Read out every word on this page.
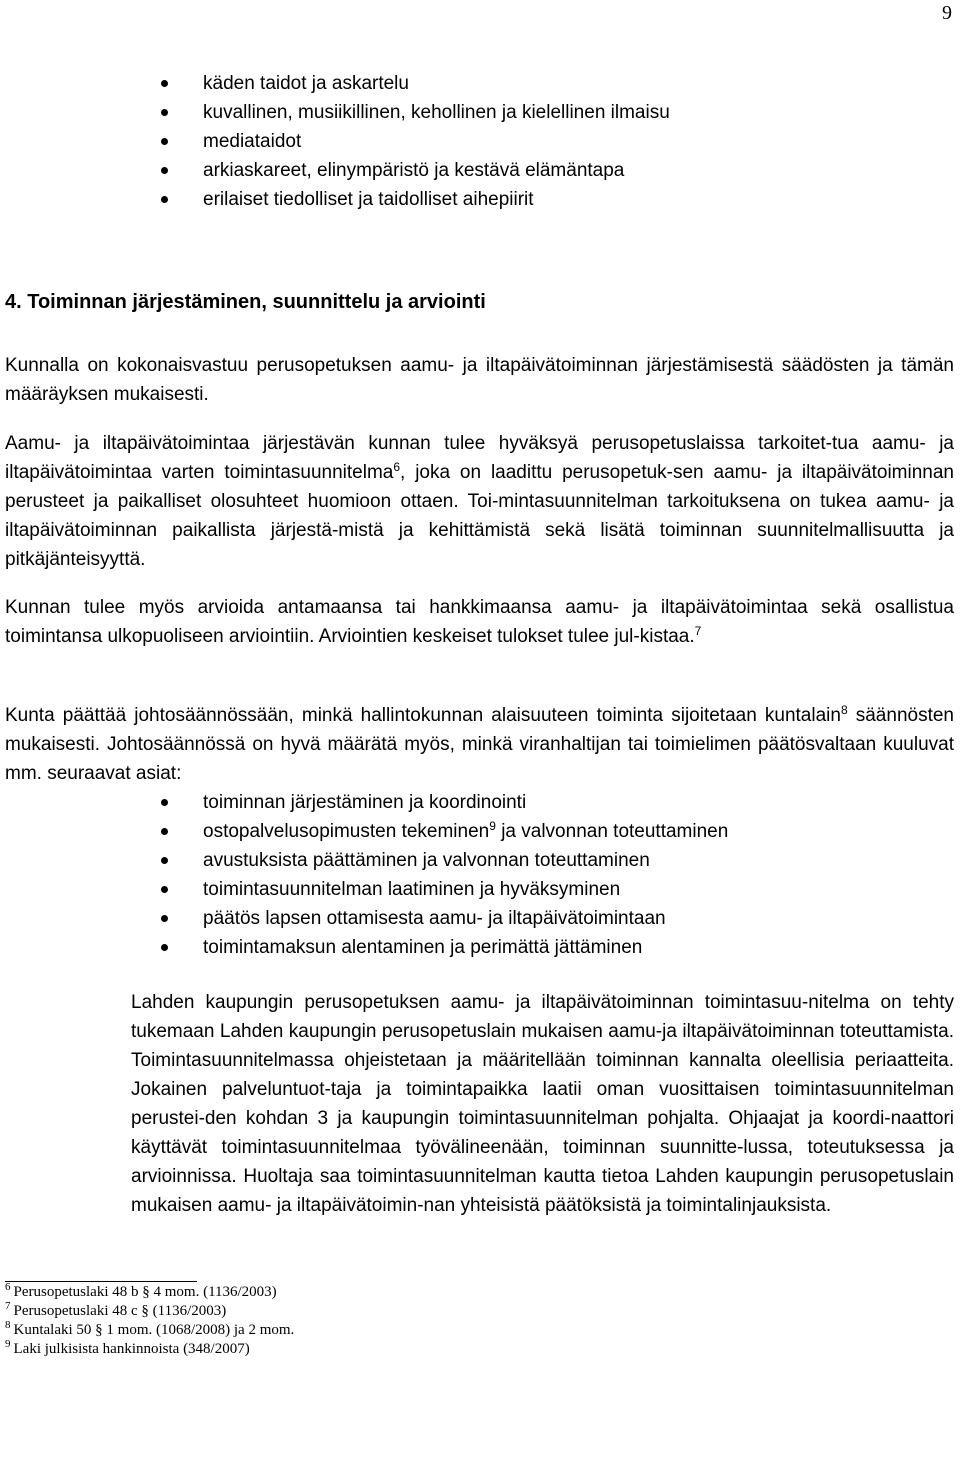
9
käden taidot ja askartelu
kuvallinen, musiikillinen, kehollinen ja kielellinen ilmaisu
mediataidot
arkiaskareet, elinympäristö ja kestävä elämäntapa
erilaiset tiedolliset ja taidolliset aihepiirit
4. Toiminnan järjestäminen, suunnittelu ja arviointi

Kunnalla on kokonaisvastuu perusopetuksen aamu- ja iltapäivätoiminnan järjestämisestä säädösten ja tämän määräyksen mukaisesti.

Aamu- ja iltapäivätoimintaa järjestävän kunnan tulee hyväksyä perusopetuslaissa tarkoitet-tua aamu- ja iltapäivätoimintaa varten toimintasuunnitelma$^6$, joka on laadittu perusopetuk-sen aamu- ja iltapäivätoiminnan perusteet ja paikalliset olosuhteet huomioon ottaen. Toi-mintasuunnitelman tarkoituksena on tukea aamu- ja iltapäivätoiminnan paikallista järjestä-mistä ja kehittämistä sekä lisätä toiminnan suunnitelmallisuutta ja pitkäjänteisyyttä.

Kunnan tulee myös arvioida antamaansa tai hankkimaansa aamu- ja iltapäivätoimintaa sekä osallistua toimintansa ulkopuoliseen arviointiin. Arviointien keskeiset tulokset tulee jul-kistaa.$^7$

Kunta päättää johtosäännössään, minkä hallintokunnan alaisuuteen toiminta sijoitetaan kuntalain$^8$ säännösten mukaisesti. Johtosäännössä on hyvä määrätä myös, minkä viranhaltijan tai toimielimen päätösvaltaan kuuluvat mm. seuraavat asiat:

toiminnan järjestäminen ja koordinointi
ostopalvelusopimusten tekeminen$^9$ ja valvonnan toteuttaminen
avustuksista päättäminen ja valvonnan toteuttaminen
toimintasuunnitelman laatiminen ja hyväksyminen
päätös lapsen ottamisesta aamu- ja iltapäivätoimintaan
toimintamaksun alentaminen ja perimättä jättäminen

Lahden kaupungin perusopetuksen aamu- ja iltapäivätoiminnan toimintasuu-nitelma on tehty tukemaan Lahden kaupungin perusopetuslain mukaisen aamu-ja iltapäivätoiminnan toteuttamista. Toimintasuunnitelmassa ohjeistetaan ja määritellään toiminnan kannalta oleellisia periaatteita. Jokainen palveluntuot-taja ja toimintapaikka laatii oman vuosittaisen toimintasuunnitelman perustei-den kohdan 3 ja kaupungin toimintasuunnitelman pohjalta. Ohjaajat ja koordi-naattori käyttävät toimintasuunnitelmaa työvälineenään, toiminnan suunnitte-lussa, toteutuksessa ja arvioinnissa. Huoltaja saa toimintasuunnitelman kautta tietoa Lahden kaupungin perusopetuslain mukaisen aamu- ja iltapäivätoimin-nan yhteisistä päätöksistä ja toimintalinjauksista.

$^6$ Perusopetuslaki 48 b § 4 mom. (1136/2003)
$^7$ Perusopetuslaki 48 c § (1136/2003)
$^8$ Kuntalaki 50 § 1 mom. (1068/2008) ja 2 mom.
$^9$ Laki julkisista hankinnoista (348/2007)
